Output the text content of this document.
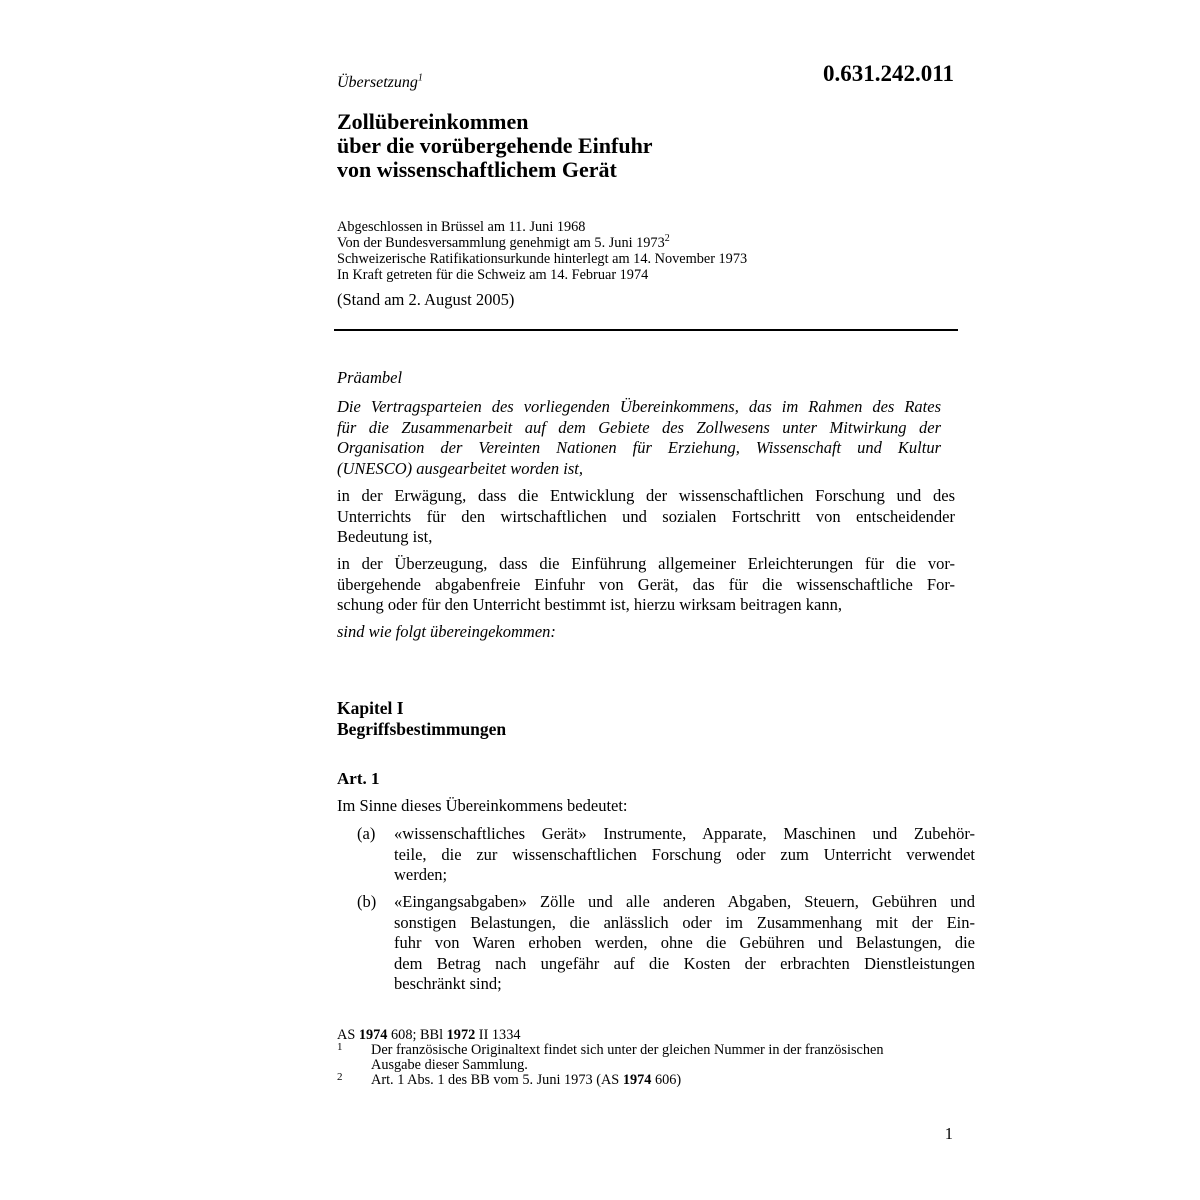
0.631.242.011
Übersetzung$^1$
Zollübereinkommen
über die vorübergehende Einfuhr
von wissenschaftlichem Gerät
Abgeschlossen in Brüssel am 11. Juni 1968
Von der Bundesversammlung genehmigt am 5. Juni 1973$^2$
Schweizerische Ratifikationsurkunde hinterlegt am 14. November 1973
In Kraft getreten für die Schweiz am 14. Februar 1974
(Stand am 2. August 2005)
Präambel
Die Vertragsparteien des vorliegenden Übereinkommens, das im Rahmen des Rates
für die Zusammenarbeit auf dem Gebiete des Zollwesens unter Mitwirkung der
Organisation der Vereinten Nationen für Erziehung, Wissenschaft und Kultur
(UNESCO) ausgearbeitet worden ist,
in der Erwägung, dass die Entwicklung der wissenschaftlichen Forschung und des
Unterrichts für den wirtschaftlichen und sozialen Fortschritt von entscheidender
Bedeutung ist,
in der Überzeugung, dass die Einführung allgemeiner Erleichterungen für die vor-
übergehende abgabenfreie Einfuhr von Gerät, das für die wissenschaftliche For-
schung oder für den Unterricht bestimmt ist, hierzu wirksam beitragen kann,
sind wie folgt übereingekommen:
Kapitel I
Begriffsbestimmungen
Art. 1
Im Sinne dieses Übereinkommens bedeutet:
(a) «wissenschaftliches Gerät» Instrumente, Apparate, Maschinen und Zubehör-
teile, die zur wissenschaftlichen Forschung oder zum Unterricht verwendet
werden;
(b) «Eingangsabgaben» Zölle und alle anderen Abgaben, Steuern, Gebühren und
sonstigen Belastungen, die anlässlich oder im Zusammenhang mit der Ein-
fuhr von Waren erhoben werden, ohne die Gebühren und Belastungen, die
dem Betrag nach ungefähr auf die Kosten der erbrachten Dienstleistungen
beschränkt sind;
AS 1974 608; BBl 1972 II 1334
1 Der französische Originaltext findet sich unter der gleichen Nummer in der französischen
Ausgabe dieser Sammlung.
2 Art. 1 Abs. 1 des BB vom 5. Juni 1973 (AS 1974 606)
1
